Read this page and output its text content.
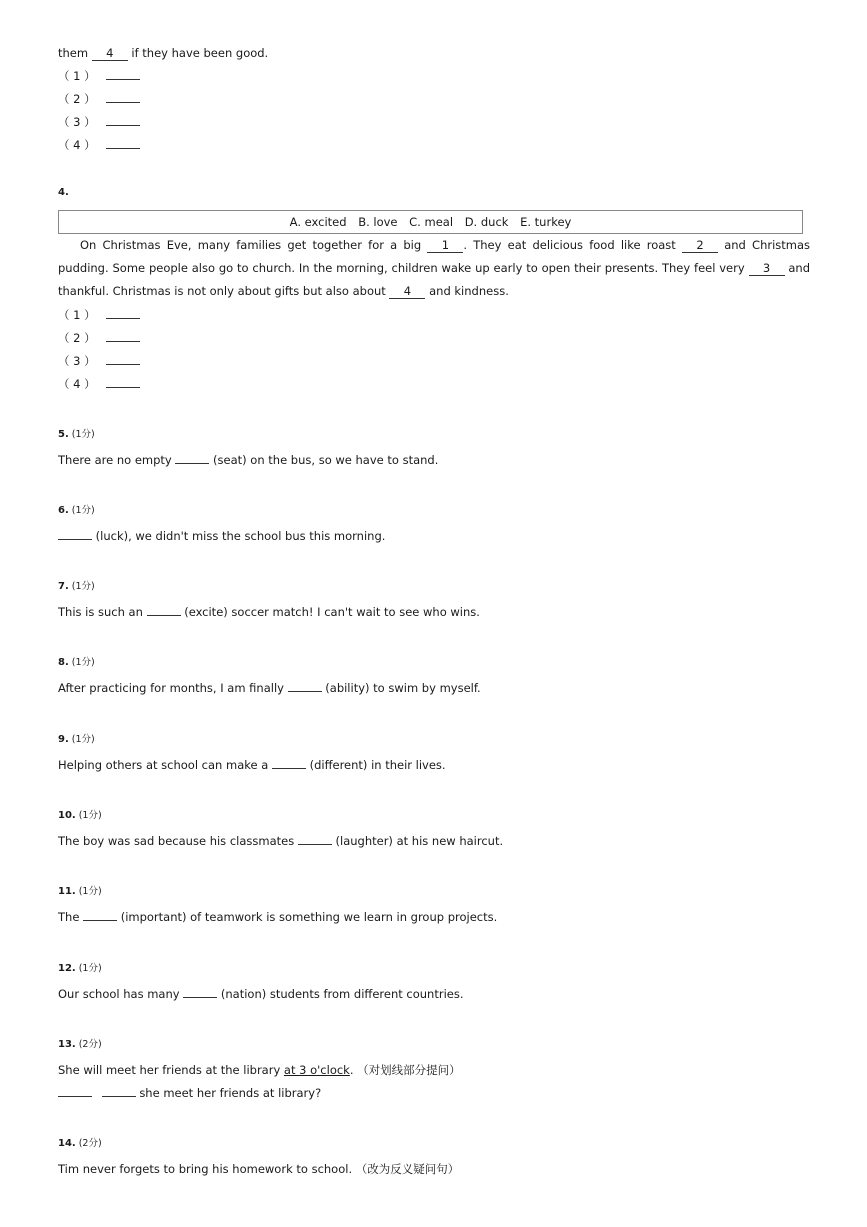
them 4 if they have been good.
（ 1 ）
（ 2 ）
（ 3 ）
（ 4 ）
4.
A. excited B. love C. meal D. duck E. turkey
On Christmas Eve, many families get together for a big 1 . They eat delicious food like roast 2 and Christmas pudding. Some people also go to church. In the morning, children wake up early to open their presents. They feel very 3 and thankful. Christmas is not only about gifts but also about 4 and kindness.
（ 1 ）
（ 2 ）
（ 3 ）
（ 4 ）
5. (1分)
There are no empty	(seat) on the bus, so we have to stand.
6. (1分)
(luck), we didn't miss the school bus this morning.
7. (1分)
This is such an	(excite) soccer match! I can't wait to see who wins.
8. (1分)
After practicing for months, I am finally	(ability) to swim by myself.
9. (1分)
Helping others at school can make a	(different) in their lives.
10. (1分)
The boy was sad because his classmates	(laughter) at his new haircut.
11. (1分)
The	(important) of teamwork is something we learn in group projects.
12. (1分)
Our school has many	(nation) students from different countries.
13. (2分)
She will meet her friends at the library at 3 o'clock. （对划线部分提问）
she meet her friends at library?
14. (2分)
Tim never forgets to bring his homework to school. （改为反义疑问句）
